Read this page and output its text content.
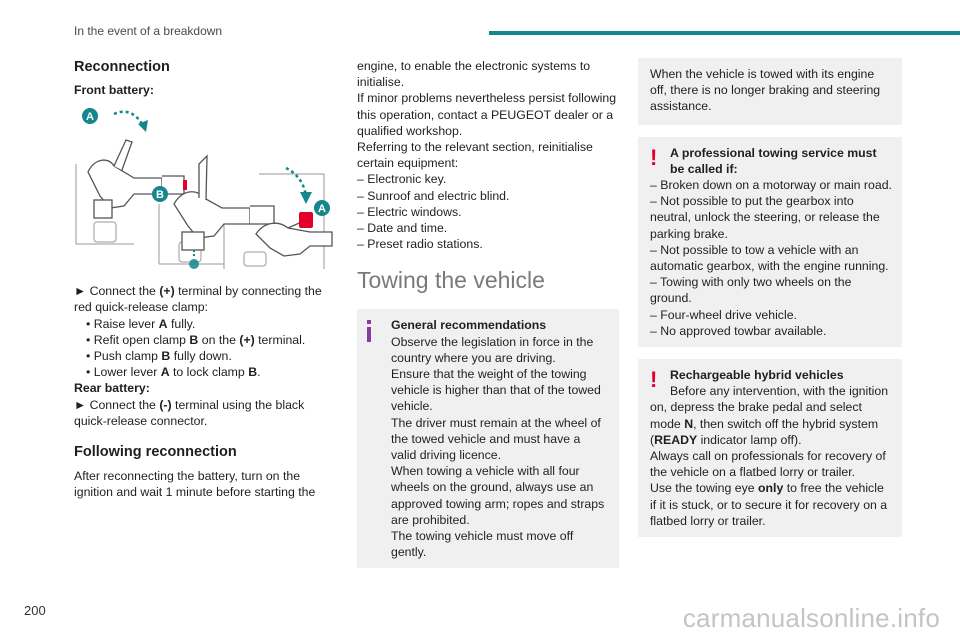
In the event of a breakdown
Reconnection

Front battery:

A
B
A

► Connect the (+) terminal by connecting the red quick-release clamp:

• Raise lever A fully.

• Refit open clamp B on the (+) terminal.

• Push clamp B fully down.

• Lower lever A to lock clamp B.

Rear battery:

► Connect the (-) terminal using the black quick-release connector.

Following reconnection

After reconnecting the battery, turn on the ignition and wait 1 minute before starting the

engine, to enable the electronic systems to initialise.

If minor problems nevertheless persist following this operation, contact a PEUGEOT dealer or a qualified workshop.

Referring to the relevant section, reinitialise certain equipment:

– Electronic key.

– Sunroof and electric blind.

– Electric windows.

– Date and time.

– Preset radio stations.

Towing the vehicle

General recommendations

Observe the legislation in force in the country where you are driving.

Ensure that the weight of the towing vehicle is higher than that of the towed vehicle.

The driver must remain at the wheel of the towed vehicle and must have a valid driving licence.

When towing a vehicle with all four wheels on the ground, always use an approved towing arm; ropes and straps are prohibited.

The towing vehicle must move off gently.

When the vehicle is towed with its engine off, there is no longer braking and steering assistance.

! A professional towing service must be called if:

– Broken down on a motorway or main road.

– Not possible to put the gearbox into neutral, unlock the steering, or release the parking brake.

– Not possible to tow a vehicle with an automatic gearbox, with the engine running.

– Towing with only two wheels on the ground.

– Four-wheel drive vehicle.

– No approved towbar available.

! Rechargeable hybrid vehicles

Before any intervention, with the ignition on, depress the brake pedal and select mode N, then switch off the hybrid system (READY indicator lamp off).

Always call on professionals for recovery of the vehicle on a flatbed lorry or trailer.

Use the towing eye only to free the vehicle if it is stuck, or to secure it for recovery on a flatbed lorry or trailer.

200	carmanualsonline.info
